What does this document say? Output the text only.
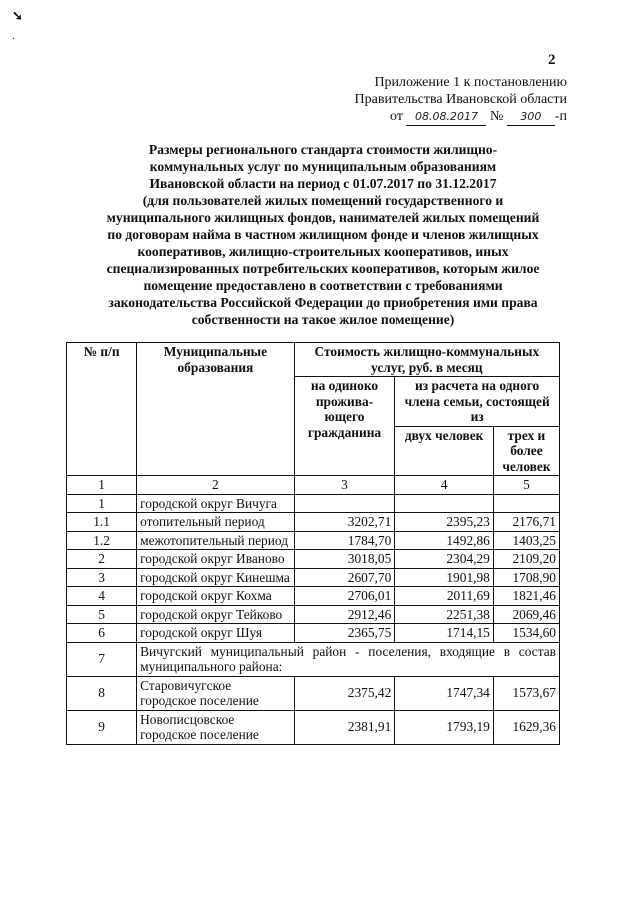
➘
·
2
Приложение 1 к постановлению
Правительства Ивановской области
от 08.08.2017 № 300 -п
Размеры регионального стандарта стоимости жилищно-
коммунальных услуг по муниципальным образованиям
Ивановской области на период с 01.07.2017 по 31.12.2017
(для пользователей жилых помещений государственного и
муниципального жилищных фондов, нанимателей жилых помещений
по договорам найма в частном жилищном фонде и членов жилищных
кооперативов, жилищно-строительных кооперативов, иных
специализированных потребительских кооперативов, которым жилое
помещение предоставлено в соответствии с требованиями
законодательства Российской Федерации до приобретения ими права
собственности на такое жилое помещение)
№ п/п	Муниципальные образования	Стоимость жилищно-коммунальных услуг, руб. в месяц		
		на одиноко прожива-ющего гражданина	из расчета на одного члена семьи, состоящей из	
			двух человек	трех и более человек
1	2	3	4	5
1	городской округ Вичуга			
1.1	отопительный период	3202,71	2395,23	2176,71
1.2	межотопительный период	1784,70	1492,86	1403,25
2	городской округ Иваново	3018,05	2304,29	2109,20
3	городской округ Кинешма	2607,70	1901,98	1708,90
4	городской округ Кохма	2706,01	2011,69	1821,46
5	городской округ Тейково	2912,46	2251,38	2069,46
6	городской округ Шуя	2365,75	1714,15	1534,60
7	Вичугский муниципальный район - поселения, входящие в состав муниципального района:			
8	Старовичугское городское поселение	2375,42	1747,34	1573,67
9	Новописцовское городское поселение	2381,91	1793,19	1629,36
